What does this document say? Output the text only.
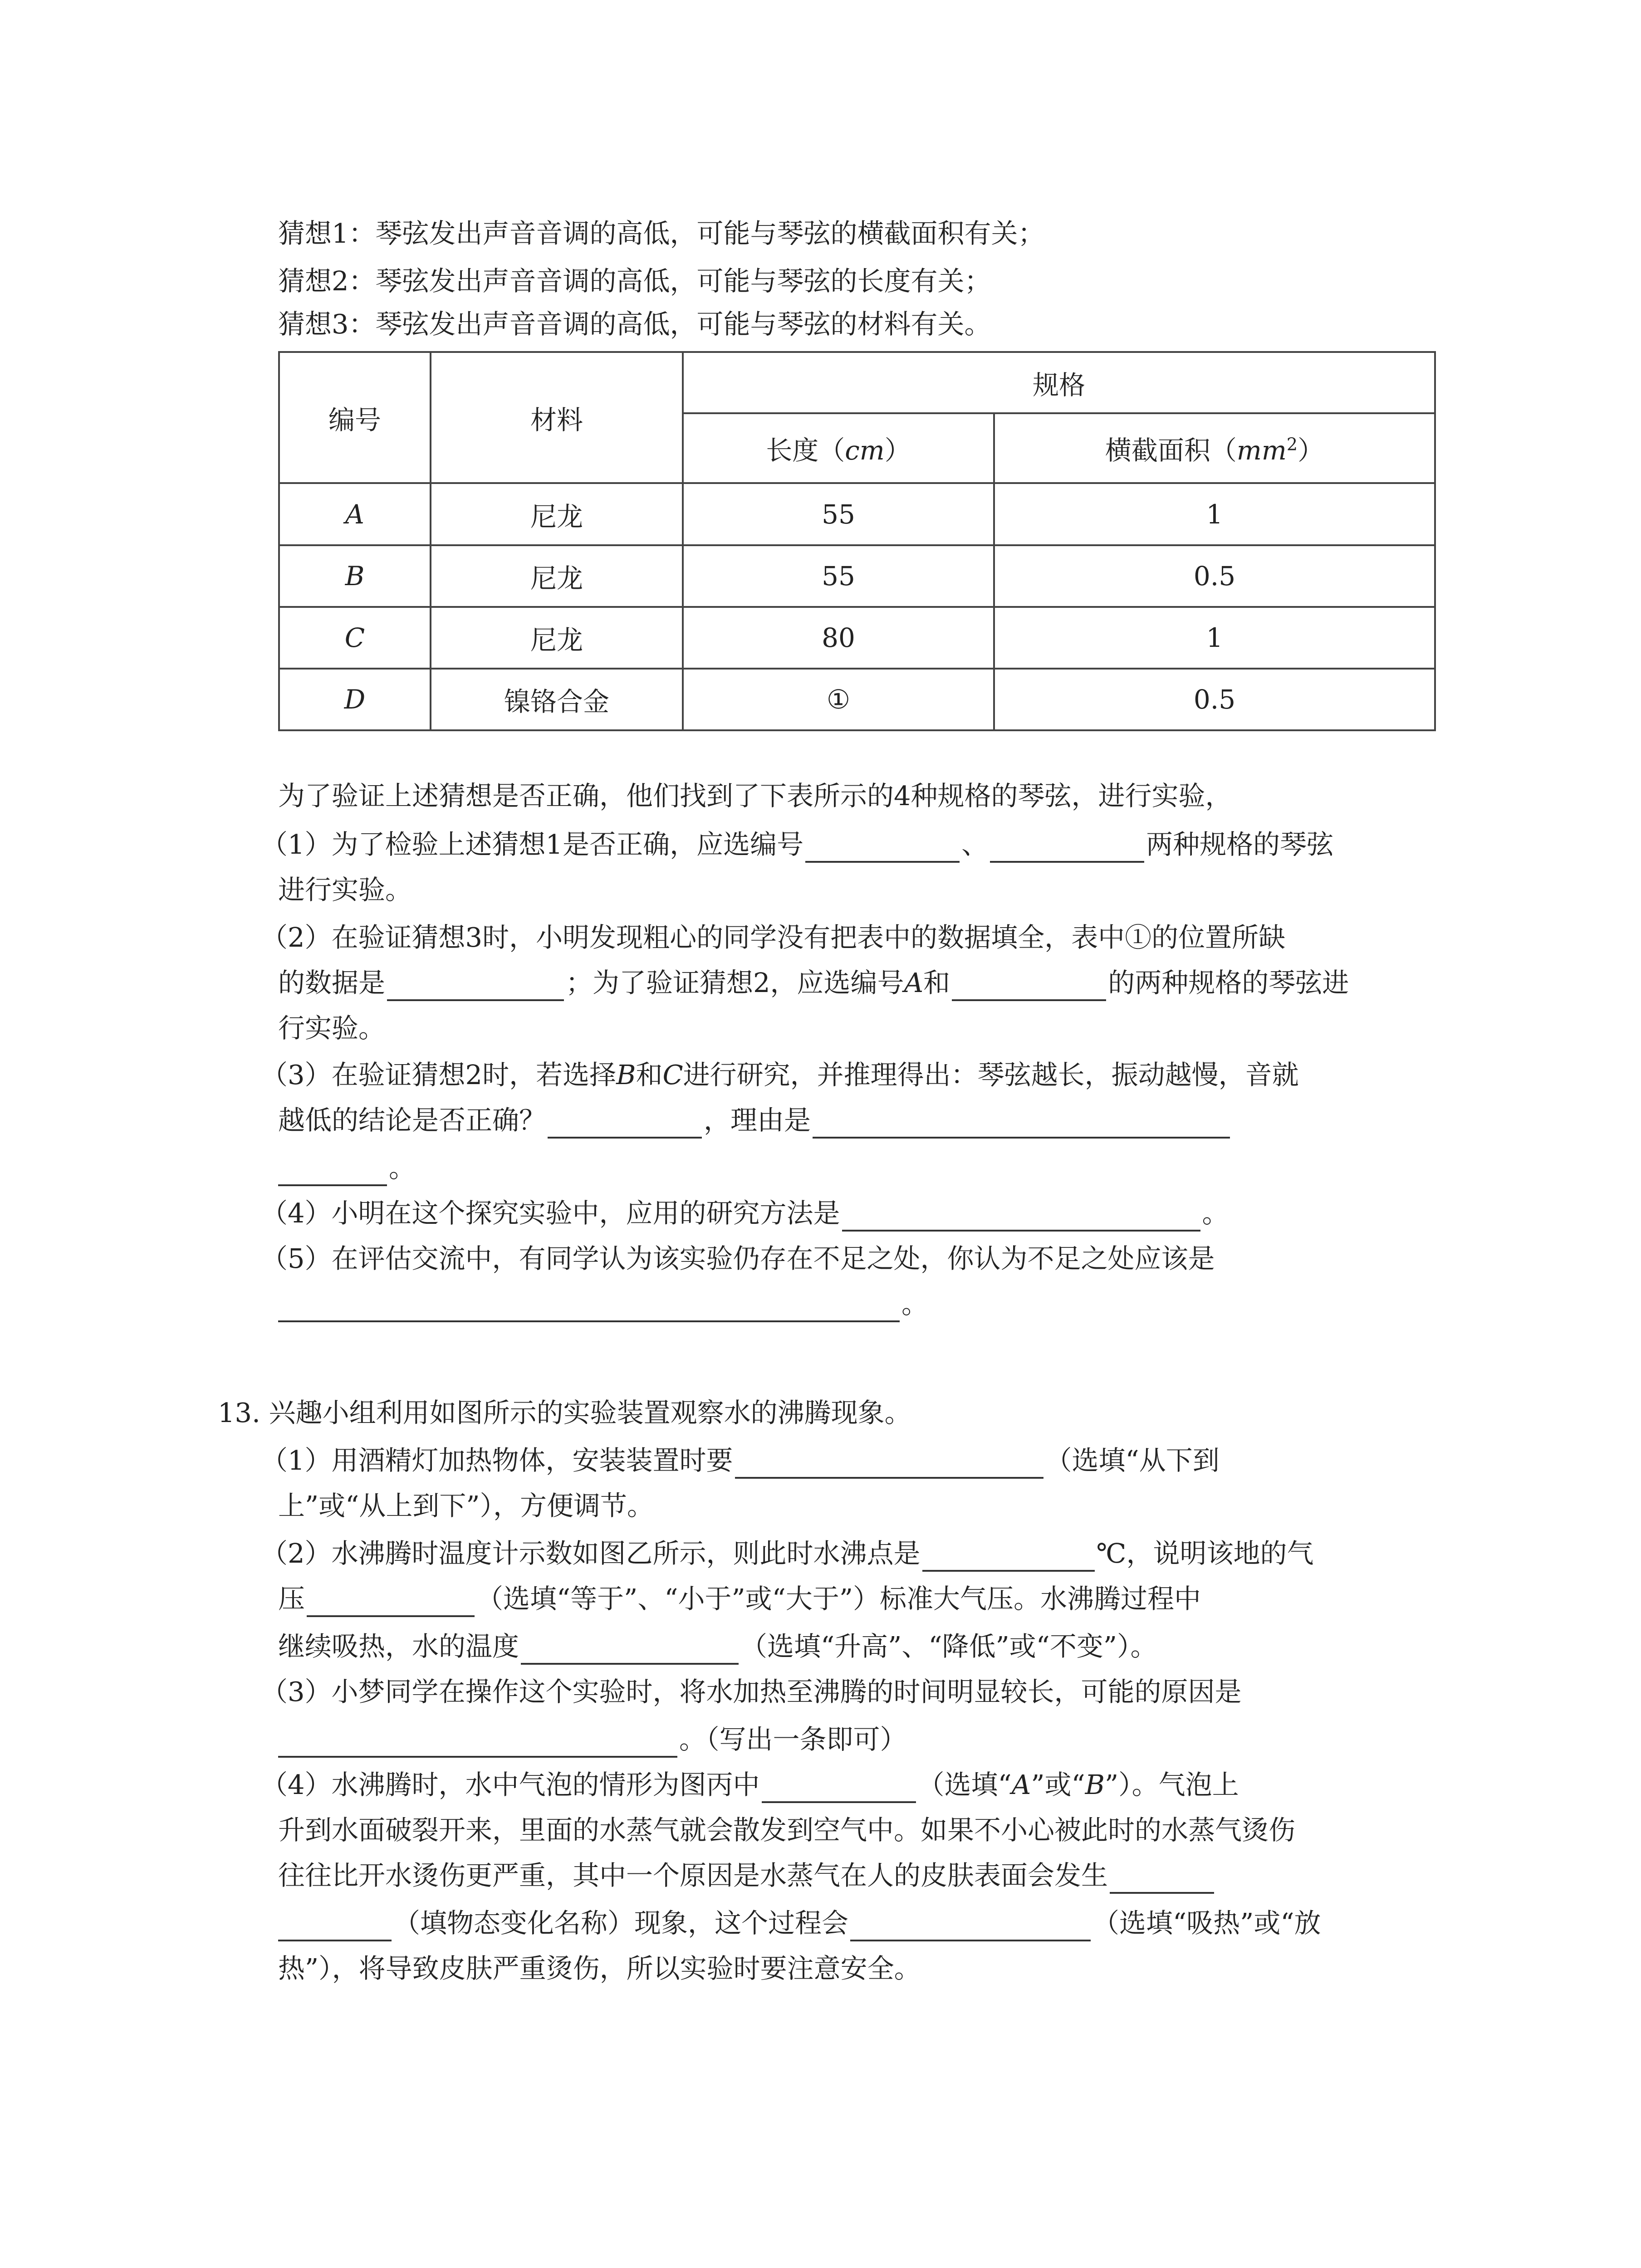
猜想1：琴弦发出声音音调的高低，可能与琴弦的横截面积有关；
猜想2：琴弦发出声音音调的高低，可能与琴弦的长度有关；
猜想3：琴弦发出声音音调的高低，可能与琴弦的材料有关。
编号	材料	规格	
		长度（cm）	横截面积$(mm^2)$
A	尼龙	55	1
B	尼龙	55	0.5
C	尼龙	80	1
D	镍铬合金	①	0.5
为了验证上述猜想是否正确，他们找到了下表所示的4种规格的琴弦，进行实验，
（1）为了检验上述猜想1是否正确，应选编号	、	两种规格的琴弦
进行实验。
（2）在验证猜想3时，小明发现粗心的同学没有把表中的数据填全，表中①的位置所缺
的数据是	；为了验证猜想2，应选编号A和	的两种规格的琴弦进
行实验。
（3）在验证猜想2时，若选择B和C进行研究，并推理得出：琴弦越长，振动越慢，音就
越低的结论是否正确？	，理由是
。
（4）小明在这个探究实验中，应用的研究方法是	。
（5）在评估交流中，有同学认为该实验仍存在不足之处，你认为不足之处应该是
。
13. 兴趣小组利用如图所示的实验装置观察水的沸腾现象。
（1）用酒精灯加热物体，安装装置时要	（选填“从下到
上”或“从上到下”），方便调节。
（2）水沸腾时温度计示数如图乙所示，则此时水沸点是	℃，说明该地的气
压	（选填“等于”、“小于”或“大于”）标准大气压。水沸腾过程中
继续吸热，水的温度	（选填“升高”、“降低”或“不变”）。
（3）小梦同学在操作这个实验时，将水加热至沸腾的时间明显较长，可能的原因是
。（写出一条即可）
（4）水沸腾时，水中气泡的情形为图丙中	（选填“A”或“B”）。气泡上
升到水面破裂开来，里面的水蒸气就会散发到空气中。如果不小心被此时的水蒸气烫伤
往往比开水烫伤更严重，其中一个原因是水蒸气在人的皮肤表面会发生
（填物态变化名称）现象，这个过程会	（选填“吸热”或“放
热”），将导致皮肤严重烫伤，所以实验时要注意安全。
